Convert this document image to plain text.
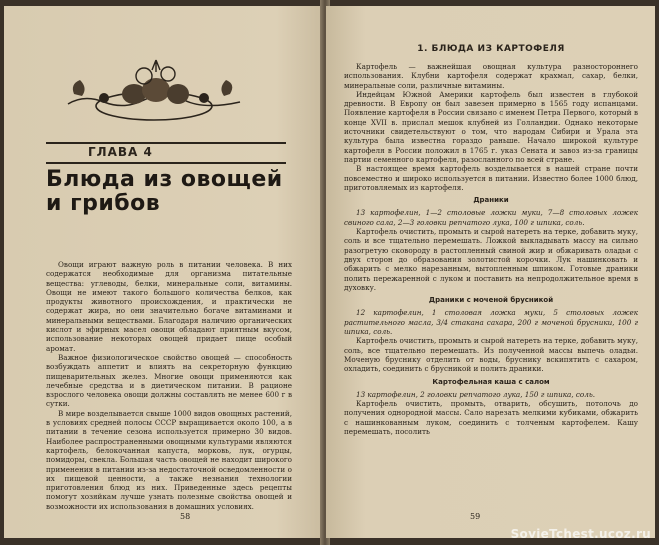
ГЛАВА 4
Блюда из овощей и грибов

Овощи играют важную роль в питании человека. В них содержатся необходимые для организма питательные вещества: углеводы, белки, минеральные соли, витамины. Овощи не имеют такого большого количества белков, как продукты животного происхождения, и практически не содержат жира, но они значительно богаче витаминами и минеральными веществами. Благодаря наличию органических кислот и эфирных масел овощи обладают приятным вкусом, использование некоторых овощей придает пище особый аромат.

Важное физиологическое свойство овощей — способность возбуждать аппетит и влиять на секреторную функцию пищеварительных желез. Многие овощи применяются как лечебные средства и в диетическом питании. В рационе взрослого человека овощи должны составлять не менее 600 г в сутки.

В мире возделывается свыше 1000 видов овощных растений, в условиях средней полосы СССР выращивается около 100, а в питании в течение сезона используется примерно 30 видов. Наиболее распространенными овощными культурами являются картофель, белокочанная капуста, морковь, лук, огурцы, помидоры, свекла. Большая часть овощей не находит широкого применения в питании из-за недостаточной осведомленности о их пищевой ценности, а также незнания технологии приготовления блюд из них. Приведенные здесь рецепты помогут хозяйкам лучше узнать полезные свойства овощей и возможности их использования в домашних условиях.

58
1. БЛЮДА ИЗ КАРТОФЕЛЯ

Картофель — важнейшая овощная культура разностороннего использования. Клубни картофеля содержат крахмал, сахар, белки, минеральные соли, различные витамины.

Индейцам Южной Америки картофель был известен в глубокой древности. В Европу он был завезен примерно в 1565 году испанцами. Появление картофеля в России связано с именем Петра Первого, который в конце XVII в. прислал мешок клубней из Голландии. Однако некоторые источники свидетельствуют о том, что народам Сибири и Урала эта культура была известна гораздо раньше. Начало широкой культуре картофеля в России положил в 1765 г. указ Сената и завоз из-за границы партии семенного картофеля, разосланного по всей стране.

В настоящее время картофель возделывается в нашей стране почти повсеместно и широко используется в питании. Известно более 1000 блюд, приготовляемых из картофеля.

Драники

13 картофелин, 1—2 столовые ложки муки, 7—8 столовых ложек свиного сала, 2—3 головки репчатого лука, 100 г шпика, соль.

Картофель очистить, промыть и сырой натереть на терке, добавить муку, соль и все тщательно перемешать. Ложкой выкладывать массу на сильно разогретую сковороду в растопленный свиной жир и обжаривать оладьи с двух сторон до образования золотистой корочки. Лук нашинковать и обжарить с мелко нарезанным, вытопленным шпиком. Готовые драники полить пережаренной с луком и поставить на непродолжительное время в духовку.

Драники с моченой брусникой

12 картофелин, 1 столовая ложка муки, 5 столовых ложек растительного масла, 3/4 стакана сахара, 200 г моченой брусники, 100 г шпика, соль.

Картофель очистить, промыть и сырой натереть на терке, добавить муку, соль, все тщательно перемешать. Из полученной массы выпечь оладьи. Моченую бруснику отделить от воды, бруснику вскипятить с сахаром, охладить, соединить с брусникой и полить драники.

Картофельная каша с салом

13 картофелин, 2 головки репчатого лука, 150 г шпика, соль.

Картофель очистить, промыть, отварить, обсушить, потолочь до получения однородной массы. Сало нарезать мелкими кубиками, обжарить с нашинкованным луком, соединить с толченым картофелем. Кашу перемешать, посолить

59
SovieTchest.ucoz.ru
